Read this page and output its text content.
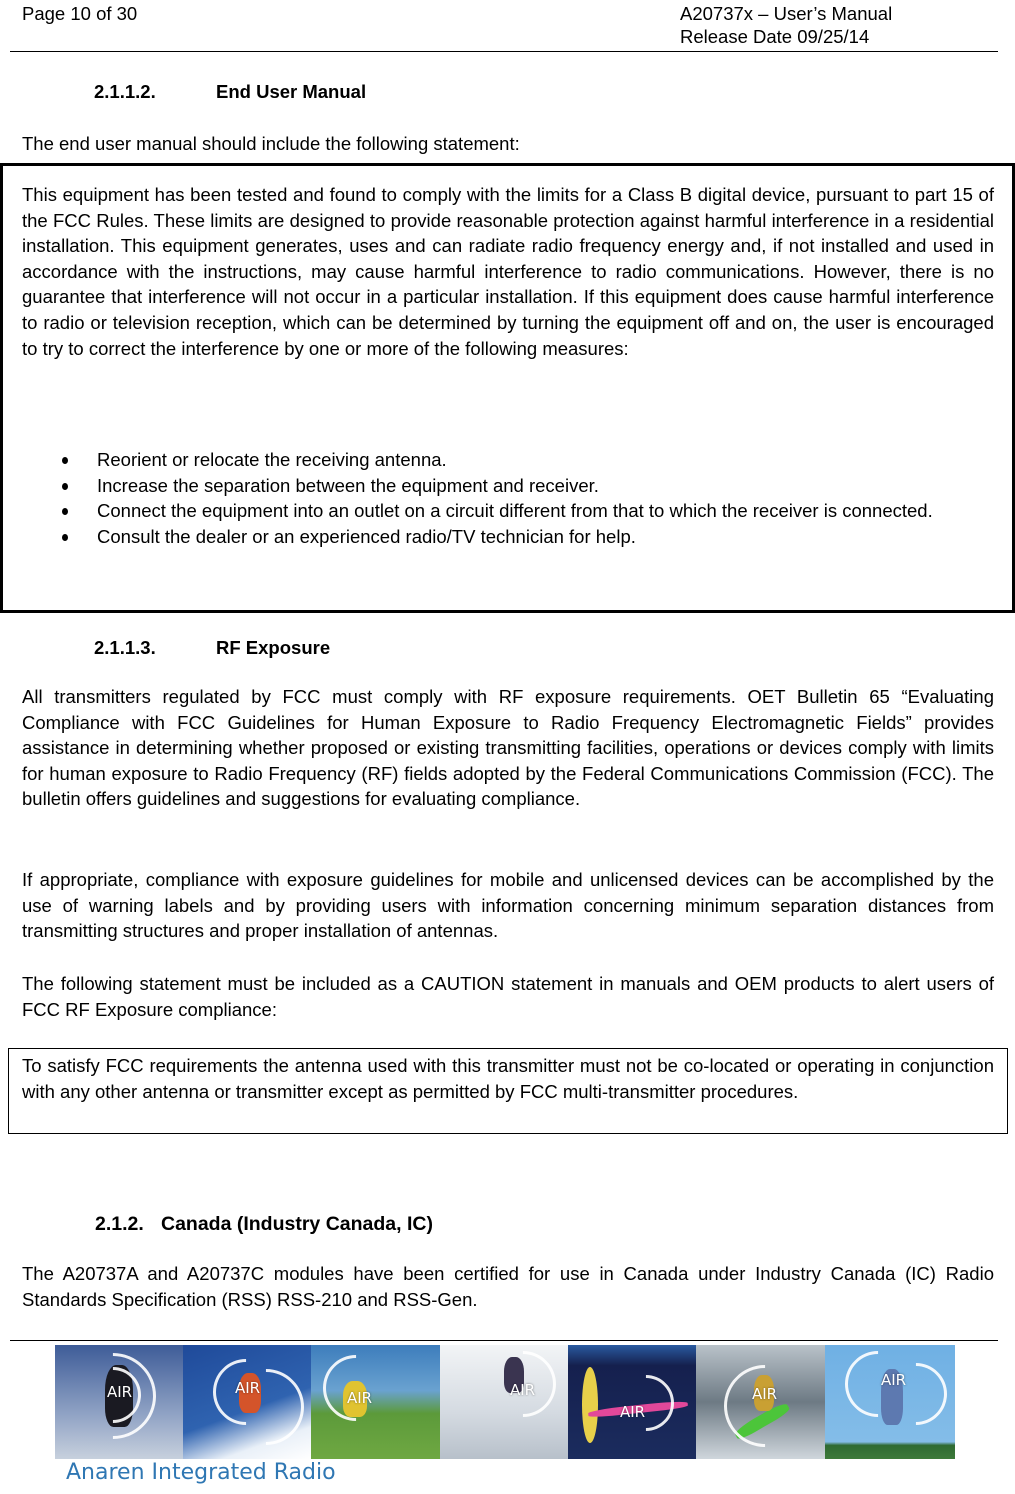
Page 10 of 30	A20737x – User’s Manual
Release Date 09/25/14
2.1.1.2.	End User Manual
The end user manual should include the following statement:
This equipment has been tested and found to comply with the limits for a Class B digital device, pursuant to part 15 of the FCC Rules. These limits are designed to provide reasonable protection against harmful interference in a residential installation. This equipment generates, uses and can radiate radio frequency energy and, if not installed and used in accordance with the instructions, may cause harmful interference to radio communications. However, there is no guarantee that interference will not occur in a particular installation. If this equipment does cause harmful interference to radio or television reception, which can be determined by turning the equipment off and on, the user is encouraged to try to correct the interference by one or more of the following measures:
Reorient or relocate the receiving antenna.
Increase the separation between the equipment and receiver.
Connect the equipment into an outlet on a circuit different from that to which the receiver is connected.
Consult the dealer or an experienced radio/TV technician for help.
2.1.1.3.	RF Exposure
All transmitters regulated by FCC must comply with RF exposure requirements. OET Bulletin 65 “Evaluating Compliance with FCC Guidelines for Human Exposure to Radio Frequency Electromagnetic Fields” provides assistance in determining whether proposed or existing transmitting facilities, operations or devices comply with limits for human exposure to Radio Frequency (RF) fields adopted by the Federal Communications Commission (FCC). The bulletin offers guidelines and suggestions for evaluating compliance.
If appropriate, compliance with exposure guidelines for mobile and unlicensed devices can be accomplished by the use of warning labels and by providing users with information concerning minimum separation distances from transmitting structures and proper installation of antennas.
The following statement must be included as a CAUTION statement in manuals and OEM products to alert users of FCC RF Exposure compliance:
To satisfy FCC requirements the antenna used with this transmitter must not be co-located or operating in conjunction with any other antenna or transmitter except as permitted by FCC multi-transmitter procedures.
2.1.2. Canada (Industry Canada, IC)
The A20737A and A20737C modules have been certified for use in Canada under Industry Canada (IC) Radio Standards Specification (RSS) RSS-210 and RSS-Gen.
AIR	AIR
AIR	AIR
AIR
AIR
AIR
Anaren Integrated Radio
